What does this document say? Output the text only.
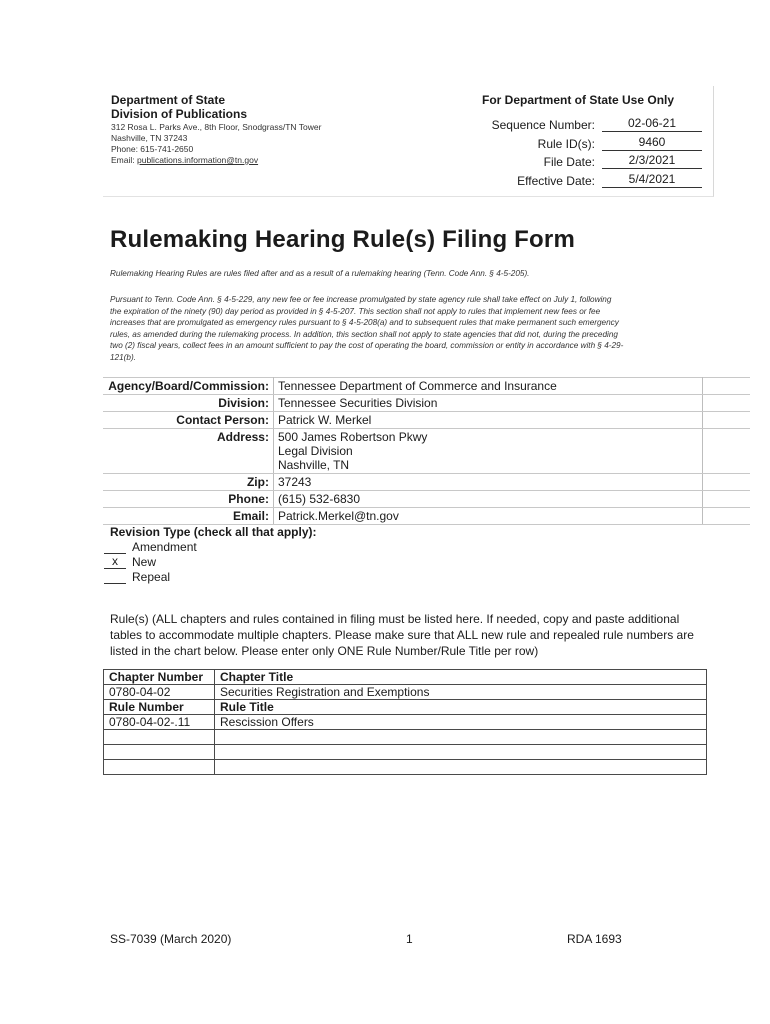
Department of State
Division of Publications
312 Rosa L. Parks Ave., 8th Floor, Snodgrass/TN Tower
Nashville, TN 37243
Phone: 615-741-2650
Email: publications.information@tn.gov
For Department of State Use Only
Sequence Number:	02-06-21
Rule ID(s):	9460
File Date:	2/3/2021
Effective Date:	5/4/2021
Rulemaking Hearing Rule(s) Filing Form
Rulemaking Hearing Rules are rules filed after and as a result of a rulemaking hearing (Tenn. Code Ann. § 4-5-205).
Pursuant to Tenn. Code Ann. § 4-5-229, any new fee or fee increase promulgated by state agency rule shall take effect on July 1, following
the expiration of the ninety (90) day period as provided in § 4-5-207. This section shall not apply to rules that implement new fees or fee
increases that are promulgated as emergency rules pursuant to § 4-5-208(a) and to subsequent rules that make permanent such emergency
rules, as amended during the rulemaking process. In addition, this section shall not apply to state agencies that did not, during the preceding
two (2) fiscal years, collect fees in an amount sufficient to pay the cost of operating the board, commission or entity in accordance with § 4-29-
121(b).
Agency/Board/Commission:	Tennessee Department of Commerce and Insurance	
Division:	Tennessee Securities Division	
Contact Person:	Patrick W. Merkel	
Address:	500 James Robertson Pkwy
Legal Division
Nashville, TN	

Zip:	37243	
Phone:	(615) 532-6830	
Email:	Patrick.Merkel@tn.gov	
Revision Type (check all that apply):
Amendment
x New
Repeal
Rule(s) (ALL chapters and rules contained in filing must be listed here. If needed, copy and paste additional
tables to accommodate multiple chapters. Please make sure that ALL new rule and repealed rule numbers are
listed in the chart below. Please enter only ONE Rule Number/Rule Title per row)
Chapter Number	Chapter Title
0780-04-02	Securities Registration and Exemptions
Rule Number	Rule Title
0780-04-02-.11	Rescission Offers

SS-7039 (March 2020)	1	RDA 1693
